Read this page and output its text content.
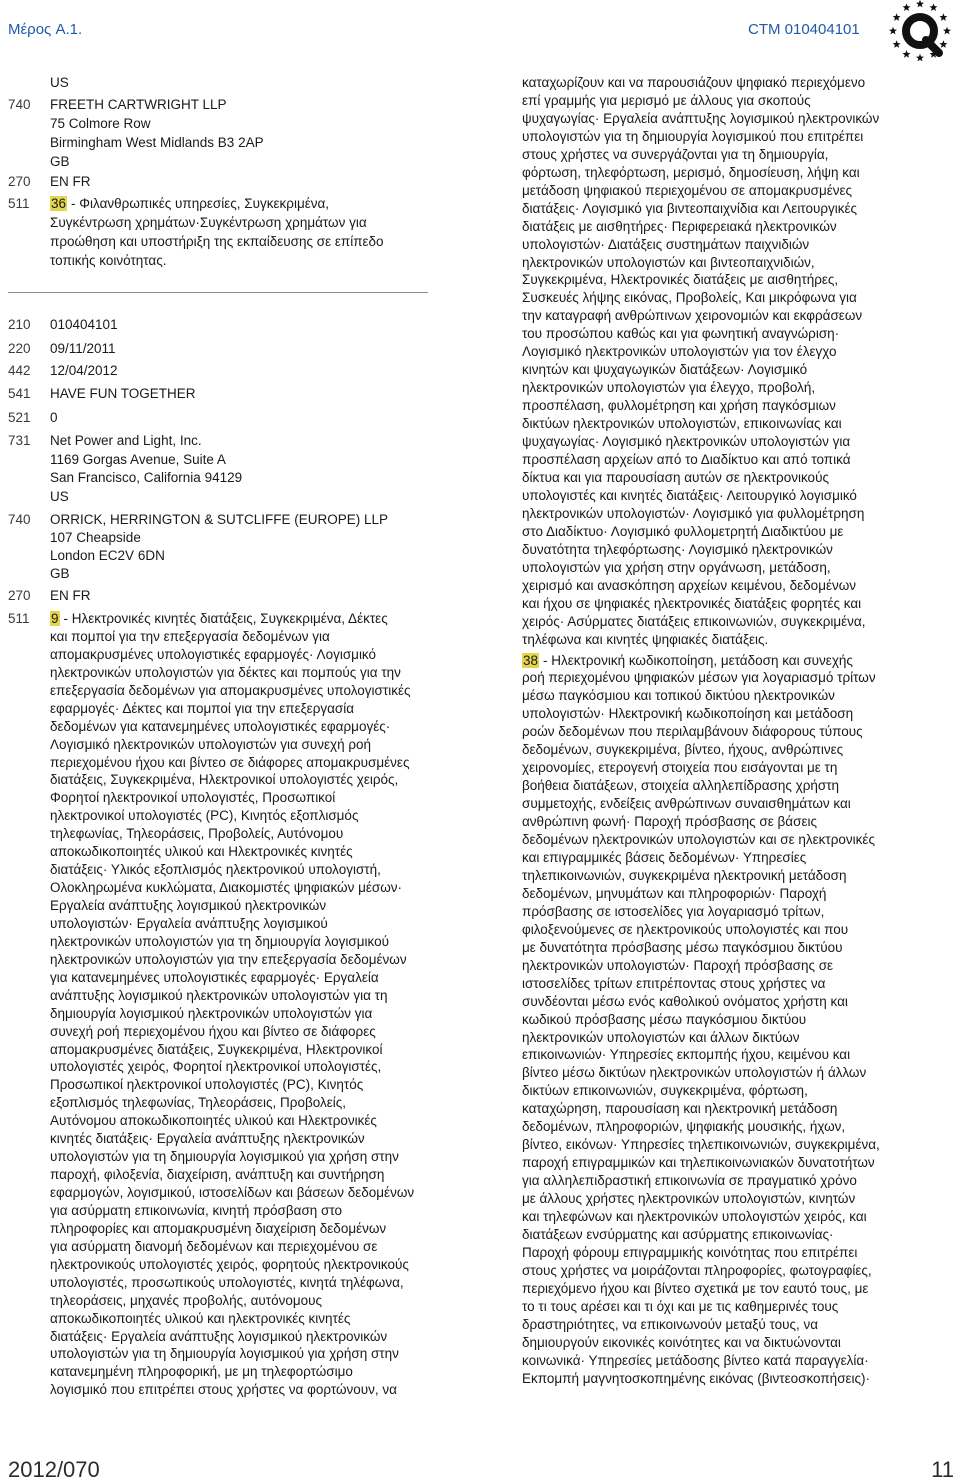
Μέρος A.1.	CTM 010404101
US
740	FREETH CARTWRIGHT LLP
75 Colmore Row
Birmingham West Midlands B3 2AP
GB
270	EN FR
511	36 - Φιλανθρωπικές υπηρεσίες, Συγκεκριμένα,
Συγκέντρωση χρημάτων·Συγκέντρωση χρημάτων για
προώθηση και υποστήριξη της εκπαίδευσης σε επίπεδο
τοπικής κοινότητας.
210	010404101
220	09/11/2011
442	12/04/2012
541	HAVE FUN TOGETHER
521	0
731	Net Power and Light, Inc.
1169 Gorgas Avenue, Suite A
San Francisco, California 94129
US
740	ORRICK, HERRINGTON & SUTCLIFFE (EUROPE) LLP
107 Cheapside
London EC2V 6DN
GB
270	EN FR
511	9 - Ηλεκτρονικές κινητές διατάξεις, Συγκεκριμένα, Δέκτες
και πομποί για την επεξεργασία δεδομένων για
απομακρυσμένες υπολογιστικές εφαρμογές· Λογισμικό
ηλεκτρονικών υπολογιστών για δέκτες και πομπούς για την
επεξεργασία δεδομένων για απομακρυσμένες υπολογιστικές
εφαρμογές· Δέκτες και πομποί για την επεξεργασία
δεδομένων για κατανεμημένες υπολογιστικές εφαρμογές·
Λογισμικό ηλεκτρονικών υπολογιστών για συνεχή ροή
περιεχομένου ήχου και βίντεο σε διάφορες απομακρυσμένες
διατάξεις, Συγκεκριμένα, Ηλεκτρονικοί υπολογιστές χειρός,
Φορητοί ηλεκτρονικοί υπολογιστές, Προσωπικοί
ηλεκτρονικοί υπολογιστές (PC), Κινητός εξοπλισμός
τηλεφωνίας, Τηλεοράσεις, Προβολείς, Αυτόνομου
αποκωδικοποιητές υλικού και Ηλεκτρονικές κινητές
διατάξεις· Υλικός εξοπλισμός ηλεκτρονικού υπολογιστή,
Ολοκληρωμένα κυκλώματα, Διακομιστές ψηφιακών μέσων·
Εργαλεία ανάπτυξης λογισμικού ηλεκτρονικών
υπολογιστών· Εργαλεία ανάπτυξης λογισμικού
ηλεκτρονικών υπολογιστών για τη δημιουργία λογισμικού
ηλεκτρονικών υπολογιστών για την επεξεργασία δεδομένων
για κατανεμημένες υπολογιστικές εφαρμογές· Εργαλεία
ανάπτυξης λογισμικού ηλεκτρονικών υπολογιστών για τη
δημιουργία λογισμικού ηλεκτρονικών υπολογιστών για
συνεχή ροή περιεχομένου ήχου και βίντεο σε διάφορες
απομακρυσμένες διατάξεις, Συγκεκριμένα, Ηλεκτρονικοί
υπολογιστές χειρός, Φορητοί ηλεκτρονικοί υπολογιστές,
Προσωπικοί ηλεκτρονικοί υπολογιστές (PC), Κινητός
εξοπλισμός τηλεφωνίας, Τηλεοράσεις, Προβολείς,
Αυτόνομου αποκωδικοποιητές υλικού και Ηλεκτρονικές
κινητές διατάξεις· Εργαλεία ανάπτυξης ηλεκτρονικών
υπολογιστών για τη δημιουργία λογισμικού για χρήση στην
παροχή, φιλοξενία, διαχείριση, ανάπτυξη και συντήρηση
εφαρμογών, λογισμικού, ιστοσελίδων και βάσεων δεδομένων
για ασύρματη επικοινωνία, κινητή πρόσβαση στο
πληροφορίες και απομακρυσμένη διαχείριση δεδομένων
για ασύρματη διανομή δεδομένων και περιεχομένου σε
ηλεκτρονικούς υπολογιστές χειρός, φορητούς ηλεκτρονικούς
υπολογιστές, προσωπικούς υπολογιστές, κινητά τηλέφωνα,
τηλεοράσεις, μηχανές προβολής, αυτόνομους
αποκωδικοποιητές υλικού και ηλεκτρονικές κινητές
διατάξεις· Εργαλεία ανάπτυξης λογισμικού ηλεκτρονικών
υπολογιστών για τη δημιουργία λογισμικού για χρήση στην
κατανεμημένη πληροφορική, με μη τηλεφορτώσιμο
λογισμικό που επιτρέπει στους χρήστες να φορτώνουν, να
καταχωρίζουν και να παρουσιάζουν ψηφιακό περιεχόμενο
επί γραμμής για μερισμό με άλλους για σκοπούς
ψυχαγωγίας· Εργαλεία ανάπτυξης λογισμικού ηλεκτρονικών
υπολογιστών για τη δημιουργία λογισμικού που επιτρέπει
στους χρήστες να συνεργάζονται για τη δημιουργία,
φόρτωση, τηλεφόρτωση, μερισμό, δημοσίευση, λήψη και
μετάδοση ψηφιακού περιεχομένου σε απομακρυσμένες
διατάξεις· Λογισμικό για βιντεοπαιχνίδια και Λειτουργικές
διατάξεις με αισθητήρες· Περιφερειακά ηλεκτρονικών
υπολογιστών· Διατάξεις συστημάτων παιχνιδιών
ηλεκτρονικών υπολογιστών και βιντεοπαιχνιδιών,
Συγκεκριμένα, Ηλεκτρονικές διατάξεις με αισθητήρες,
Συσκευές λήψης εικόνας, Προβολείς, Και μικρόφωνα για
την καταγραφή ανθρώπινων χειρονομιών και εκφράσεων
του προσώπου καθώς και για φωνητική αναγνώριση·
Λογισμικό ηλεκτρονικών υπολογιστών για τον έλεγχο
κινητών και ψυχαγωγικών διατάξεων· Λογισμικό
ηλεκτρονικών υπολογιστών για έλεγχο, προβολή,
προσπέλαση, φυλλομέτρηση και χρήση παγκόσμιων
δικτύων ηλεκτρονικών υπολογιστών, επικοινωνίας και
ψυχαγωγίας· Λογισμικό ηλεκτρονικών υπολογιστών για
προσπέλαση αρχείων από το Διαδίκτυο και από τοπικά
δίκτυα και για παρουσίαση αυτών σε ηλεκτρονικούς
υπολογιστές και κινητές διατάξεις· Λειτουργικό λογισμικό
ηλεκτρονικών υπολογιστών· Λογισμικό για φυλλομέτρηση
στο Διαδίκτυο· Λογισμικό φυλλομετρητή Διαδικτύου με
δυνατότητα τηλεφόρτωσης· Λογισμικό ηλεκτρονικών
υπολογιστών για χρήση στην οργάνωση, μετάδοση,
χειρισμό και ανασκόπηση αρχείων κειμένου, δεδομένων
και ήχου σε ψηφιακές ηλεκτρονικές διατάξεις φορητές και
χειρός· Ασύρματες διατάξεις επικοινωνιών, συγκεκριμένα,
τηλέφωνα και κινητές ψηφιακές διατάξεις.
38 - Ηλεκτρονική κωδικοποίηση, μετάδοση και συνεχής
ροή περιεχομένου ψηφιακών μέσων για λογαριασμό τρίτων
μέσω παγκόσμιου και τοπικού δικτύου ηλεκτρονικών
υπολογιστών· Ηλεκτρονική κωδικοποίηση και μετάδοση
ροών δεδομένων που περιλαμβάνουν διάφορους τύπους
δεδομένων, συγκεκριμένα, βίντεο, ήχους, ανθρώπινες
χειρονομίες, ετερογενή στοιχεία που εισάγονται με τη
βοήθεια διατάξεων, στοιχεία αλληλεπίδρασης χρήστη
συμμετοχής, ενδείξεις ανθρώπινων συναισθημάτων και
ανθρώπινη φωνή· Παροχή πρόσβασης σε βάσεις
δεδομένων ηλεκτρονικών υπολογιστών και σε ηλεκτρονικές
και επιγραμμικές βάσεις δεδομένων· Υπηρεσίες
τηλεπικοινωνιών, συγκεκριμένα ηλεκτρονική μετάδοση
δεδομένων, μηνυμάτων και πληροφοριών· Παροχή
πρόσβασης σε ιστοσελίδες για λογαριασμό τρίτων,
φιλοξενούμενες σε ηλεκτρονικούς υπολογιστές και που
με δυνατότητα πρόσβασης μέσω παγκόσμιου δικτύου
ηλεκτρονικών υπολογιστών· Παροχή πρόσβασης σε
ιστοσελίδες τρίτων επιτρέποντας στους χρήστες να
συνδέονται μέσω ενός καθολικού ονόματος χρήστη και
κωδικού πρόσβασης μέσω παγκόσμιου δικτύου
ηλεκτρονικών υπολογιστών και άλλων δικτύων
επικοινωνιών· Υπηρεσίες εκπομπής ήχου, κειμένου και
βίντεο μέσω δικτύων ηλεκτρονικών υπολογιστών ή άλλων
δικτύων επικοινωνιών, συγκεκριμένα, φόρτωση,
καταχώρηση, παρουσίαση και ηλεκτρονική μετάδοση
δεδομένων, πληροφοριών, ψηφιακής μουσικής, ήχων,
βίντεο, εικόνων· Υπηρεσίες τηλεπικοινωνιών, συγκεκριμένα,
παροχή επιγραμμικών και τηλεπικοινωνιακών δυνατοτήτων
για αλληλεπιδραστική επικοινωνία σε πραγματικό χρόνο
με άλλους χρήστες ηλεκτρονικών υπολογιστών, κινητών
και τηλεφώνων και ηλεκτρονικών υπολογιστών χειρός, και
διατάξεων ενσύρματης και ασύρματης επικοινωνίας·
Παροχή φόρουμ επιγραμμικής κοινότητας που επιτρέπει
στους χρήστες να μοιράζονται πληροφορίες, φωτογραφίες,
περιεχόμενο ήχου και βίντεο σχετικά με τον εαυτό τους, με
το τι τους αρέσει και τι όχι και με τις καθημερινές τους
δραστηριότητες, να επικοινωνούν μεταξύ τους, να
δημιουργούν εικονικές κοινότητες και να δικτυώνονται
κοινωνικά· Υπηρεσίες μετάδοσης βίντεο κατά παραγγελία·
Εκπομπή μαγνητοσκοπημένης εικόνας (βιντεοσκοπήσεις)·
2012/070	11
